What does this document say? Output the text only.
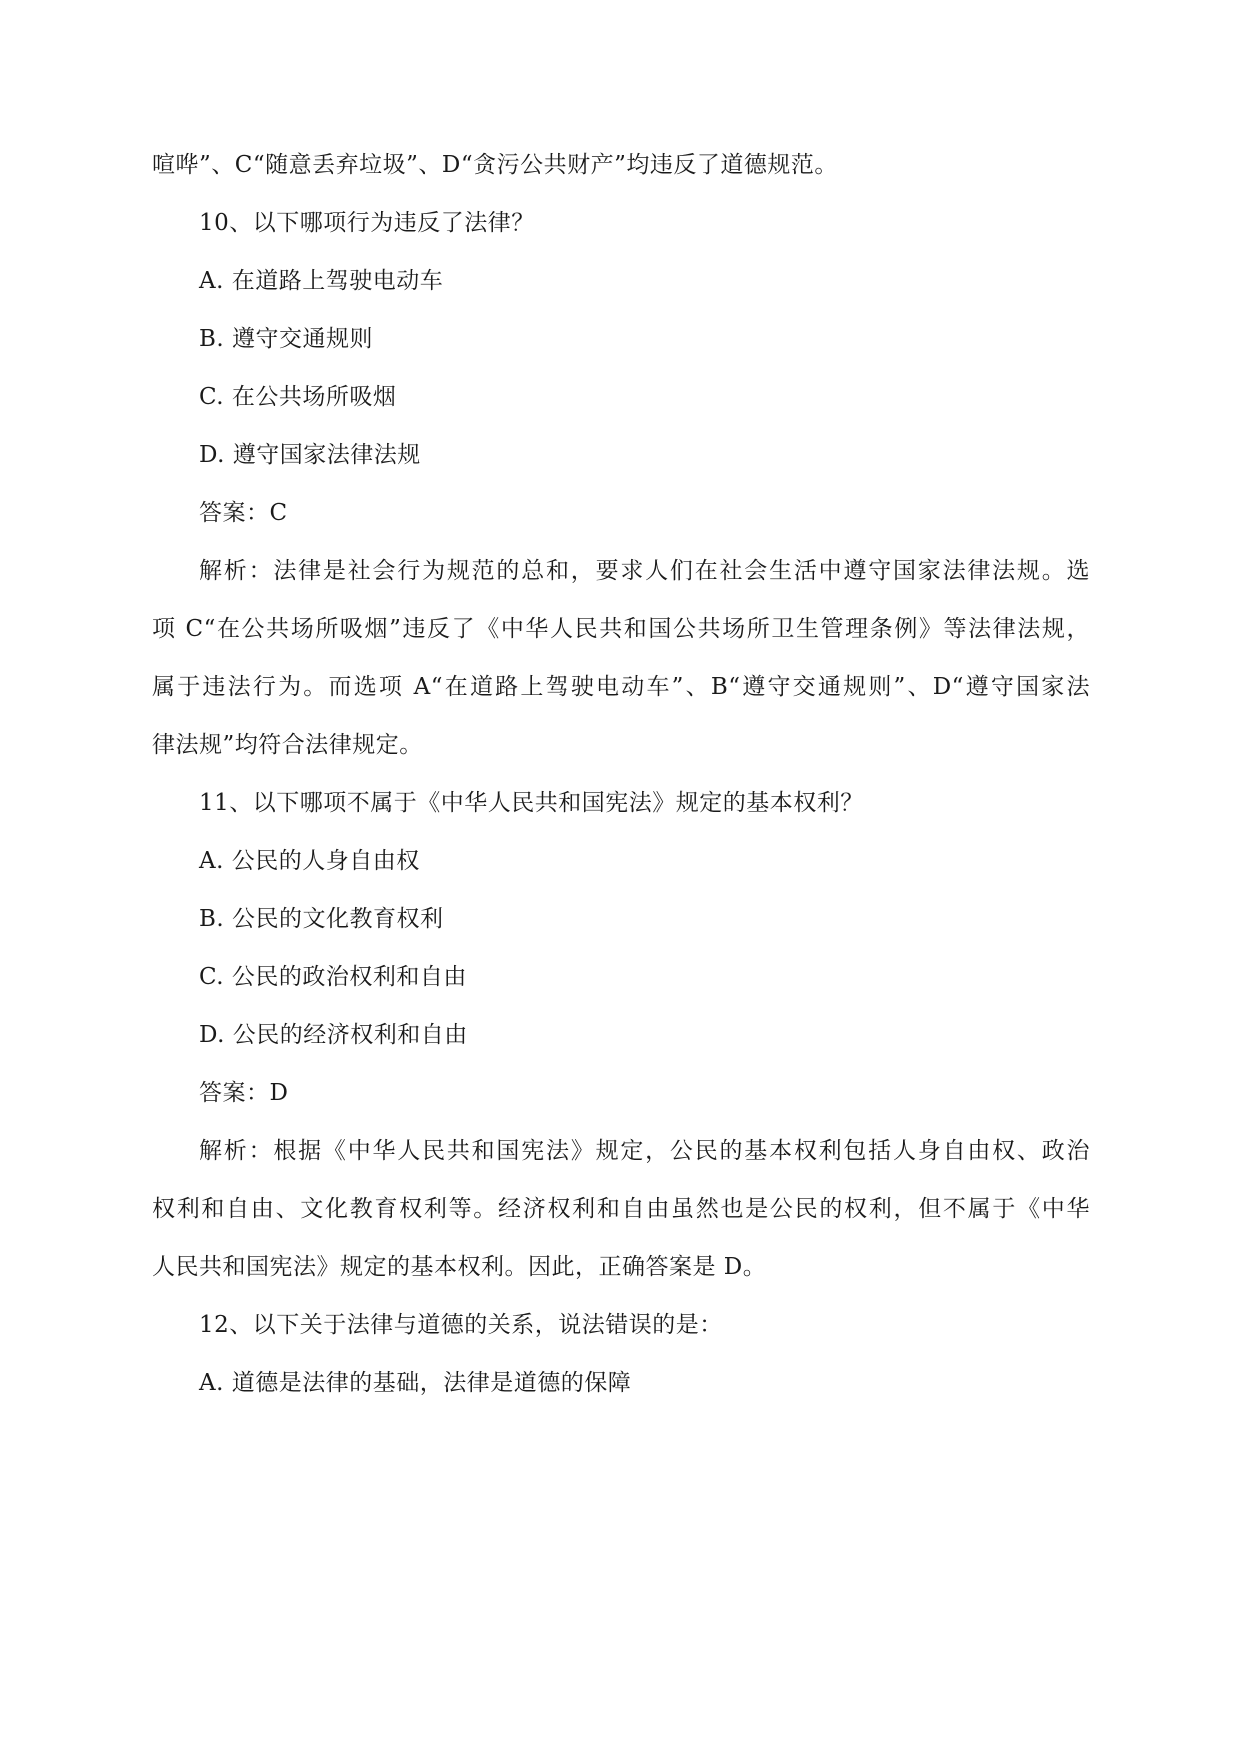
喧哗”、C“随意丢弃垃圾”、D“贪污公共财产”均违反了道德规范。
10、以下哪项行为违反了法律？
A. 在道路上驾驶电动车
B. 遵守交通规则
C. 在公共场所吸烟
D. 遵守国家法律法规
答案：C
解析：法律是社会行为规范的总和，要求人们在社会生活中遵守国家法律法规。选
项 C“在公共场所吸烟”违反了《中华人民共和国公共场所卫生管理条例》等法律法规，
属于违法行为。而选项 A“在道路上驾驶电动车”、B“遵守交通规则”、D“遵守国家法
律法规”均符合法律规定。
11、以下哪项不属于《中华人民共和国宪法》规定的基本权利？
A. 公民的人身自由权
B. 公民的文化教育权利
C. 公民的政治权利和自由
D. 公民的经济权利和自由
答案：D
解析：根据《中华人民共和国宪法》规定，公民的基本权利包括人身自由权、政治
权利和自由、文化教育权利等。经济权利和自由虽然也是公民的权利，但不属于《中华
人民共和国宪法》规定的基本权利。因此，正确答案是 D。
12、以下关于法律与道德的关系，说法错误的是：
A. 道德是法律的基础，法律是道德的保障
